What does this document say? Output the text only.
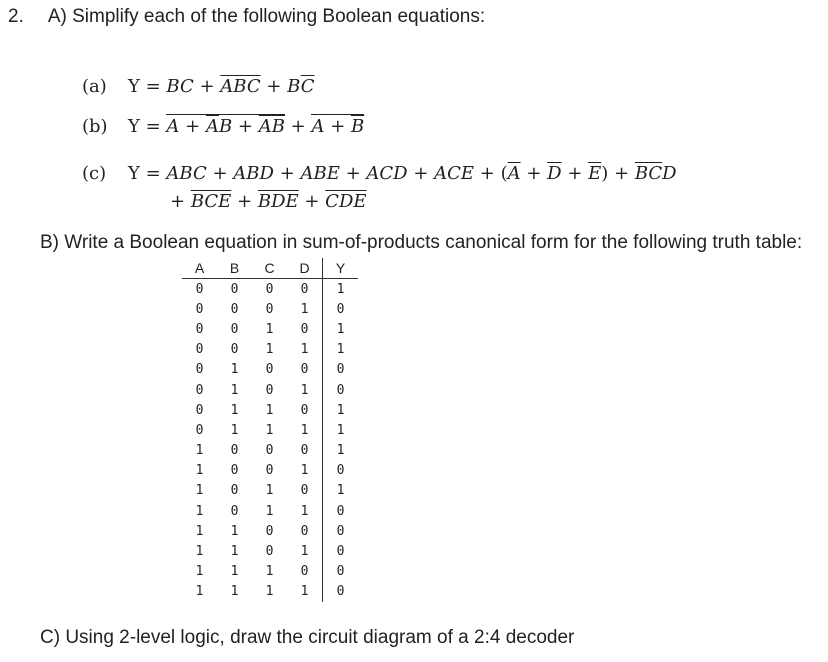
2. A) Simplify each of the following Boolean equations:
(a) Y = BC + $\overline{A}\overline{BC} + B\overline{C}$
(b) $Y = A + \overline{A}B + \overline{A}\overline{B} + A + \overline{B}$
(c) Y = ABC + ABD + ABE + ACD + ACE + $(\overline{A} + \overline{D} + \overline{E}) + \overline{B}\overline{C}D$
+ $\overline{B}\overline{C}\overline{E} + \overline{B}\overline{D}\overline{E} + \overline{C}\overline{D}\overline{E}$
B) Write a Boolean equation in sum-of-products canonical form for the following truth table:
A	B	C	D	Y
0	0	0	0	1
0	0	0	1	0
0	0	1	0	1
0	0	1	1	1
0	1	0	0	0
0	1	0	1	0
0	1	1	0	1
0	1	1	1	1
1	0	0	0	1
1	0	0	1	0
1	0	1	0	1
1	0	1	1	0
1	1	0	0	0
1	1	0	1	0
1	1	1	0	0
1	1	1	1	0
C) Using 2-level logic, draw the circuit diagram of a 2:4 decoder
